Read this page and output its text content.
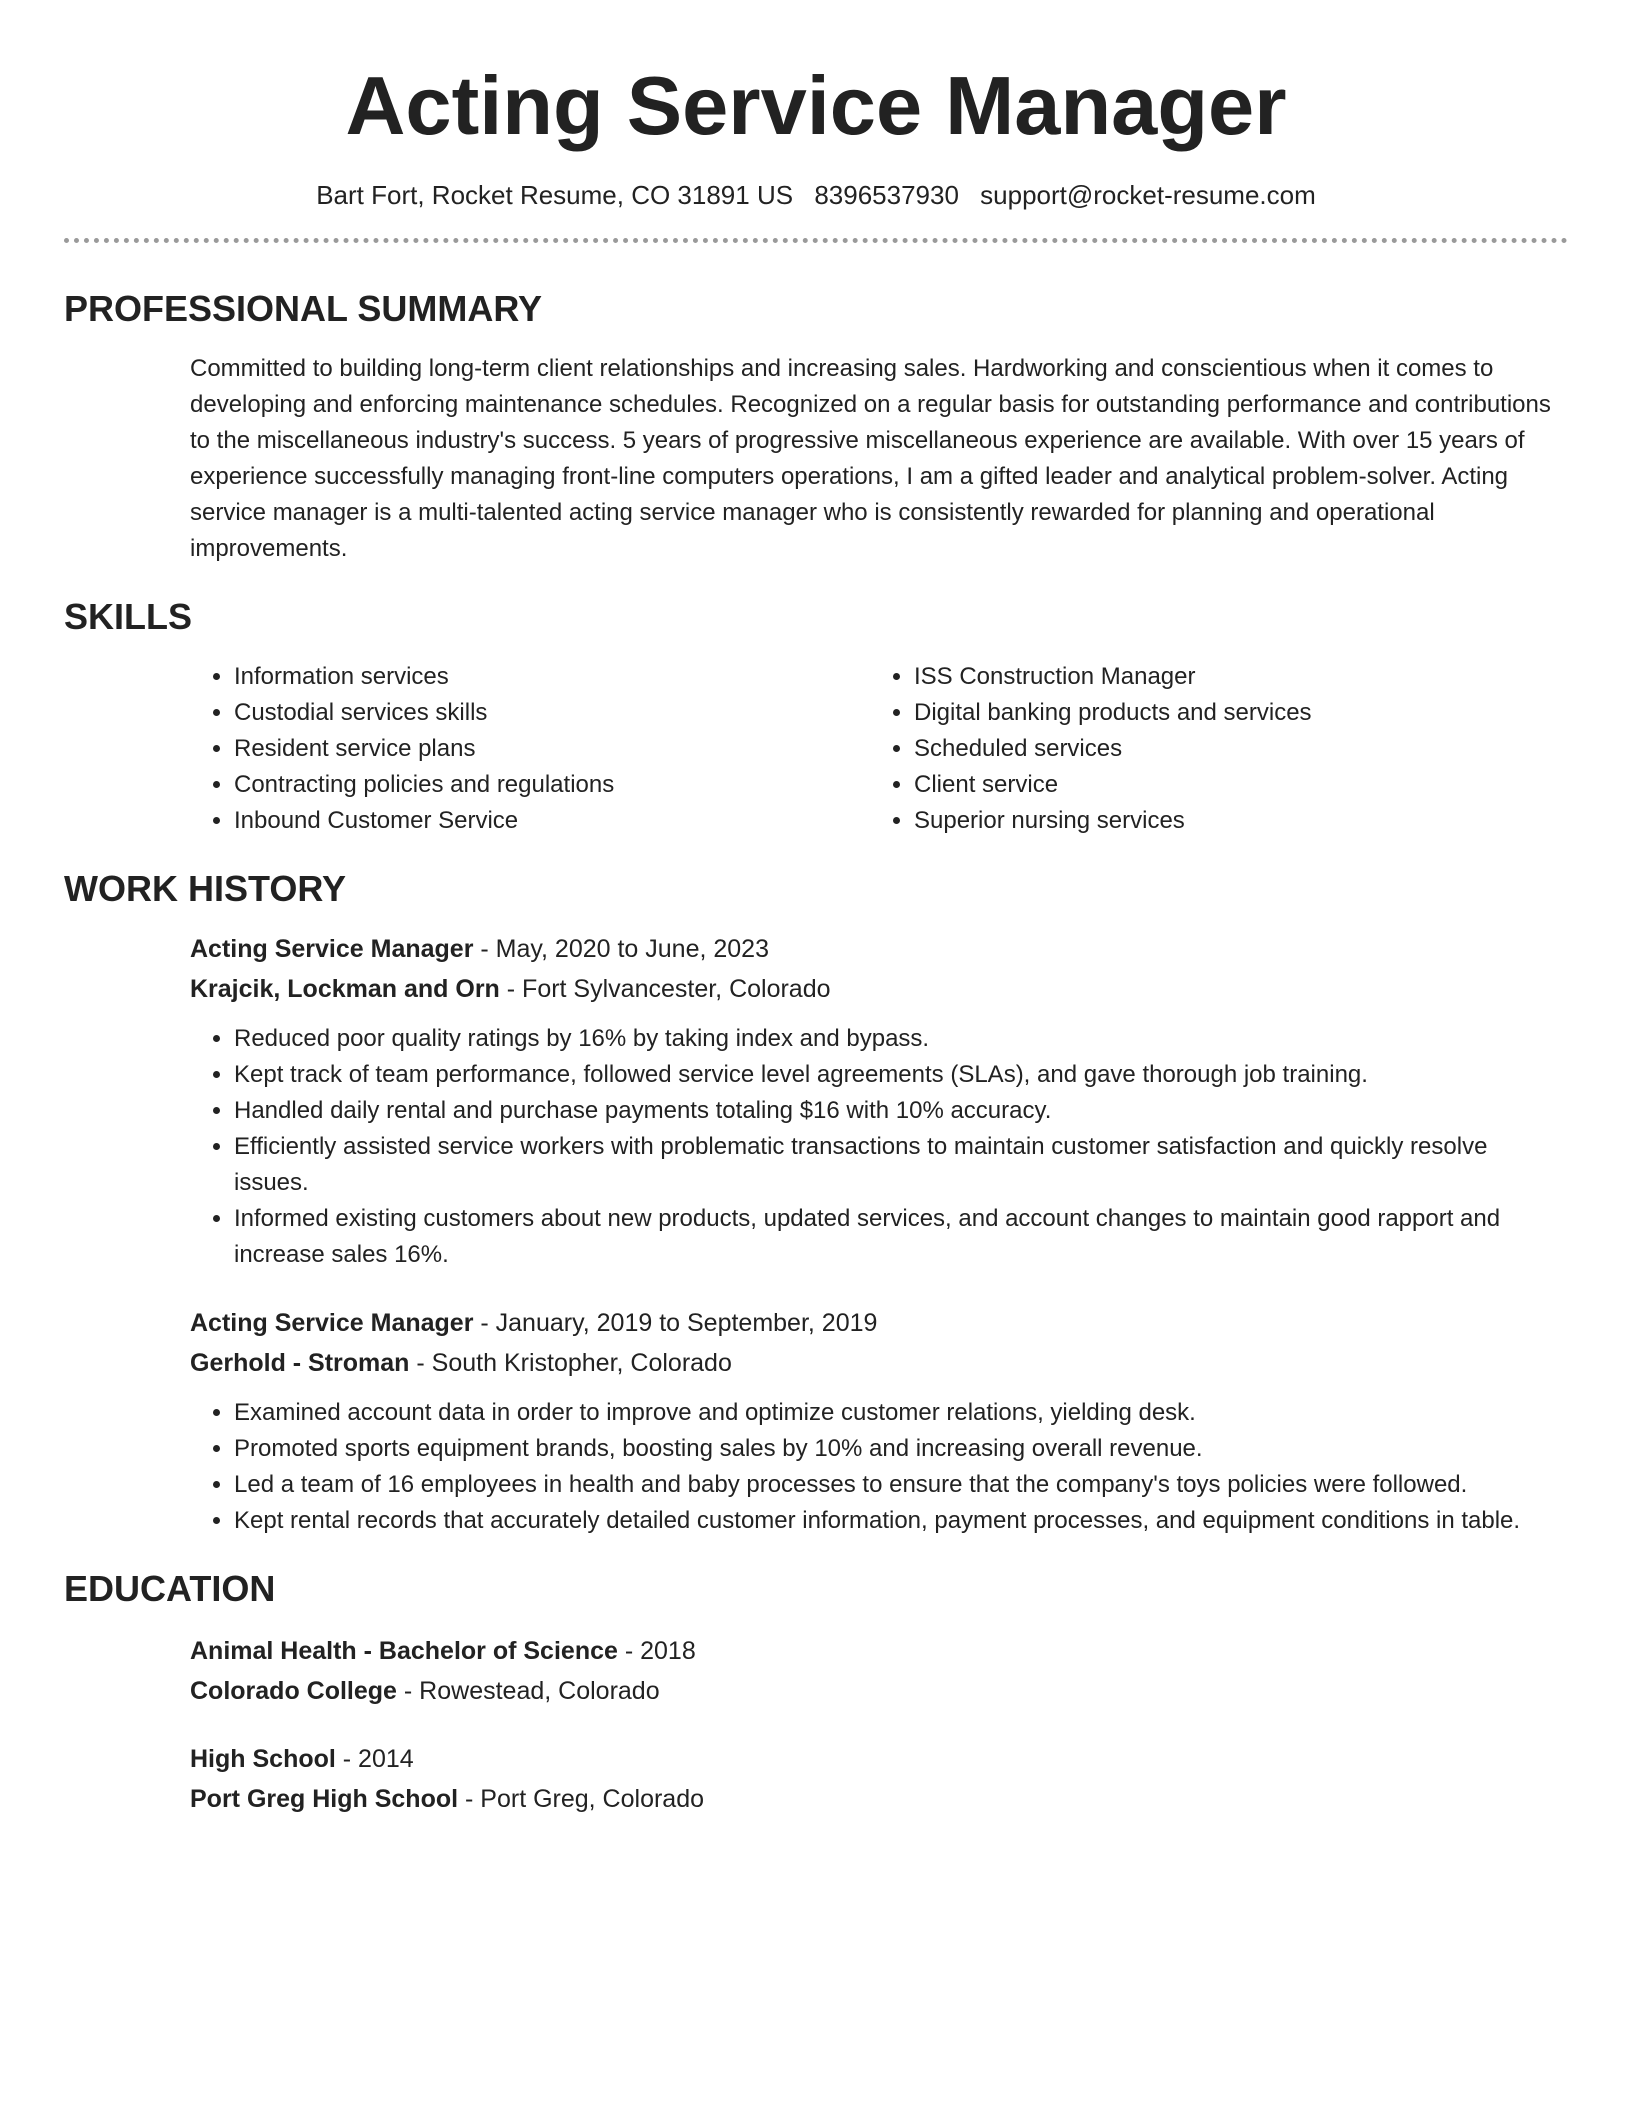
Acting Service Manager
Bart Fort, Rocket Resume, CO 31891 US 8396537930 support@rocket-resume.com
PROFESSIONAL SUMMARY

Committed to building long-term client relationships and increasing sales. Hardworking and conscientious when it comes to developing and enforcing maintenance schedules. Recognized on a regular basis for outstanding performance and contributions to the miscellaneous industry's success. 5 years of progressive miscellaneous experience are available. With over 15 years of experience successfully managing front-line computers operations, I am a gifted leader and analytical problem-solver. Acting service manager is a multi-talented acting service manager who is consistently rewarded for planning and operational improvements.

SKILLS
• Information services
• Custodial services skills
• Resident service plans
• Contracting policies and regulations
• Inbound Customer Service
• ISS Construction Manager
• Digital banking products and services
• Scheduled services
• Client service
• Superior nursing services
WORK HISTORY

Acting Service Manager - May, 2020 to June, 2023

Krajcik, Lockman and Orn - Fort Sylvancester, Colorado

• Reduced poor quality ratings by 16% by taking index and bypass.
• Kept track of team performance, followed service level agreements (SLAs), and gave thorough job training.
• Handled daily rental and purchase payments totaling $16 with 10% accuracy.
• Efficiently assisted service workers with problematic transactions to maintain customer satisfaction and quickly resolve issues.
• Informed existing customers about new products, updated services, and account changes to maintain good rapport and increase sales 16%.

Acting Service Manager - January, 2019 to September, 2019

Gerhold - Stroman - South Kristopher, Colorado

• Examined account data in order to improve and optimize customer relations, yielding desk.
• Promoted sports equipment brands, boosting sales by 10% and increasing overall revenue.
• Led a team of 16 employees in health and baby processes to ensure that the company's toys policies were followed.
• Kept rental records that accurately detailed customer information, payment processes, and equipment conditions in table.
EDUCATION

Animal Health - Bachelor of Science - 2018

Colorado College - Rowestead, Colorado

High School - 2014

Port Greg High School - Port Greg, Colorado
